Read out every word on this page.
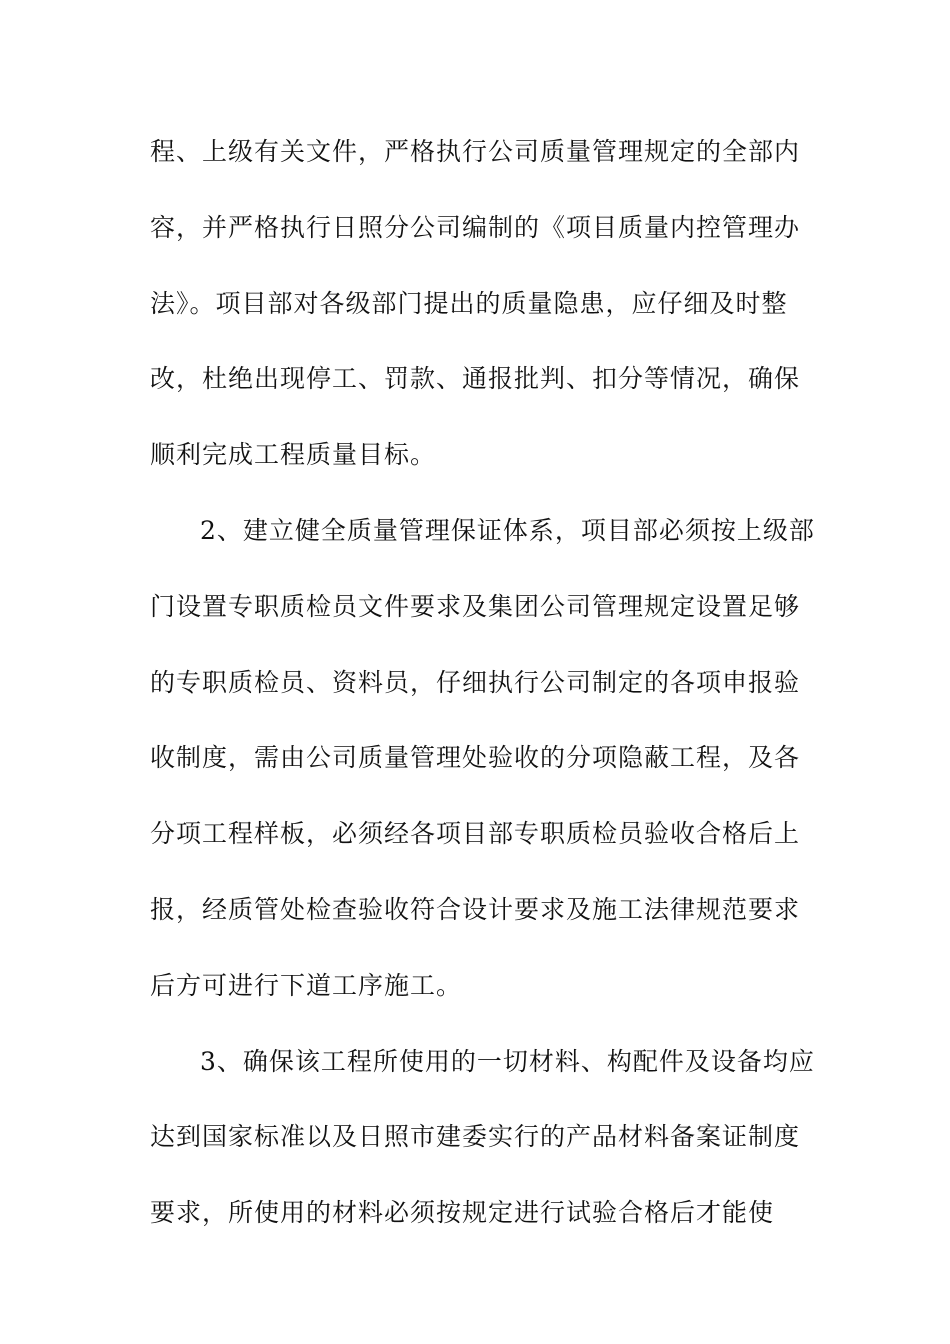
程、上级有关文件，严格执行公司质量管理规定的全部内
容，并严格执行日照分公司编制的《项目质量内控管理办
法》。项目部对各级部门提出的质量隐患，应仔细及时整
改，杜绝出现停工、罚款、通报批判、扣分等情况，确保
顺利完成工程质量目标。
2、建立健全质量管理保证体系，项目部必须按上级部
门设置专职质检员文件要求及集团公司管理规定设置足够
的专职质检员、资料员，仔细执行公司制定的各项申报验
收制度，需由公司质量管理处验收的分项隐蔽工程，及各
分项工程样板，必须经各项目部专职质检员验收合格后上
报，经质管处检查验收符合设计要求及施工法律规范要求
后方可进行下道工序施工。
3、确保该工程所使用的一切材料、构配件及设备均应
达到国家标准以及日照市建委实行的产品材料备案证制度
要求，所使用的材料必须按规定进行试验合格后才能使
